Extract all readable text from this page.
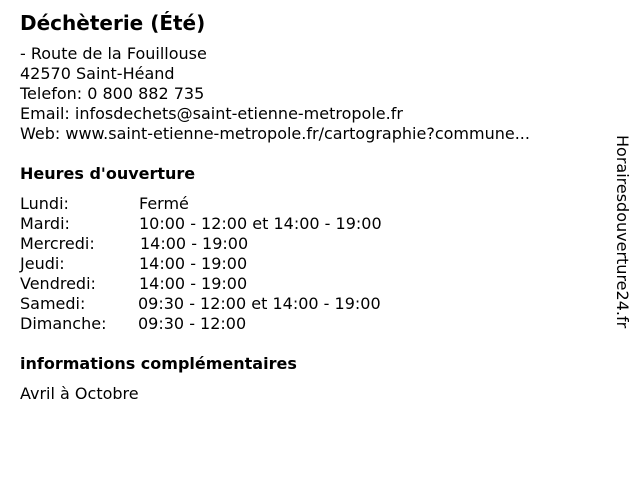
Déchèterie (Été)
- Route de la Fouillouse
42570 Saint-Héand
Telefon: 0 800 882 735
Email: infosdechets@saint-etienne-metropole.fr
Web: www.saint-etienne-metropole.fr/cartographie?commune...
Heures d'ouverture
Lundi:	Fermé
Mardi:	10:00 - 12:00 et 14:00 - 19:00
Mercredi:	14:00 - 19:00
Jeudi:	14:00 - 19:00
Vendredi:	14:00 - 19:00
Samedi:	09:30 - 12:00 et 14:00 - 19:00
Dimanche: 09:30 - 12:00
informations complémentaires
Avril à Octobre
Horairesdouverture24.fr
